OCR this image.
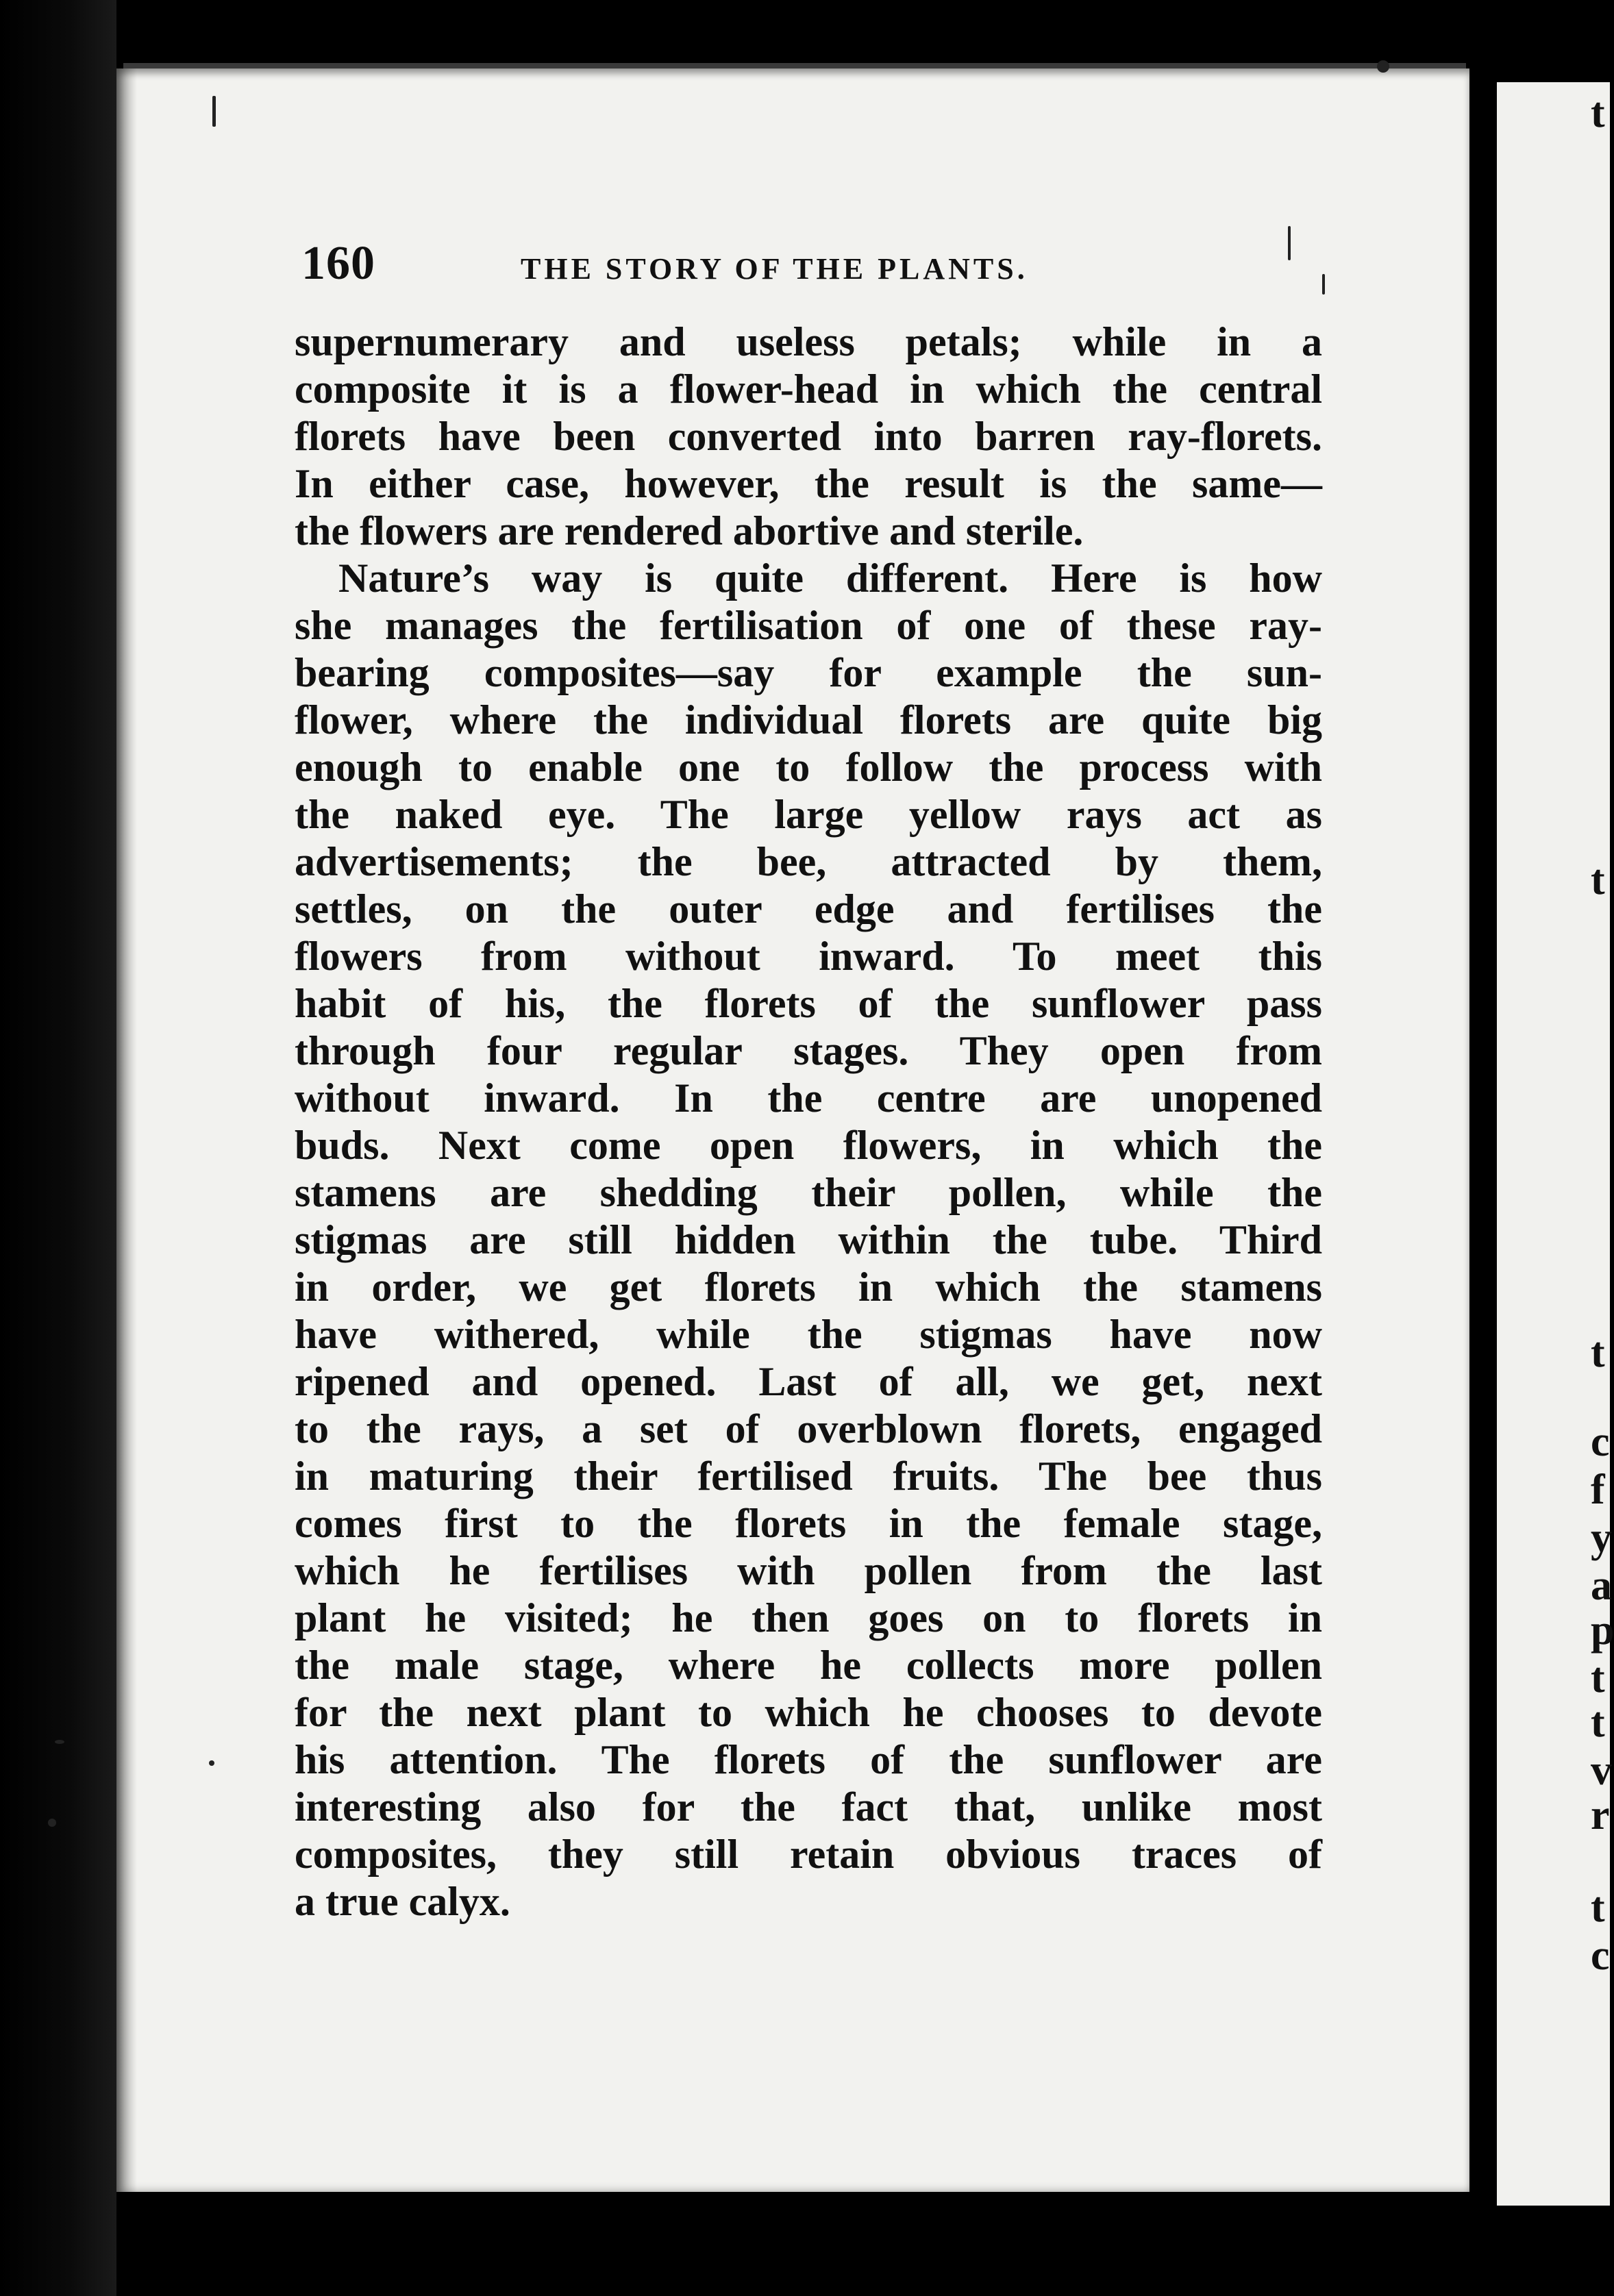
t
t
t
c
f
y
a
p
t
t
v
r
t
c
160	THE STORY OF THE PLANTS.
supernumerary and useless petals; while in a
composite it is a flower-head in which the central
florets have been converted into barren ray-florets.
In either case, however, the result is the same—
the flowers are rendered abortive and sterile.
Nature’s way is quite different. Here is how
she manages the fertilisation of one of these ray-
bearing composites—say for example the sun-
flower, where the individual florets are quite big
enough to enable one to follow the process with
the naked eye. The large yellow rays act as
advertisements; the bee, attracted by them,
settles, on the outer edge and fertilises the
flowers from without inward. To meet this
habit of his, the florets of the sunflower pass
through four regular stages. They open from
without inward. In the centre are unopened
buds. Next come open flowers, in which the
stamens are shedding their pollen, while the
stigmas are still hidden within the tube. Third
in order, we get florets in which the stamens
have withered, while the stigmas have now
ripened and opened. Last of all, we get, next
to the rays, a set of overblown florets, engaged
in maturing their fertilised fruits. The bee thus
comes first to the florets in the female stage,
which he fertilises with pollen from the last
plant he visited; he then goes on to florets in
the male stage, where he collects more pollen
for the next plant to which he chooses to devote
his attention. The florets of the sunflower are
interesting also for the fact that, unlike most
composites, they still retain obvious traces of
a true calyx.
